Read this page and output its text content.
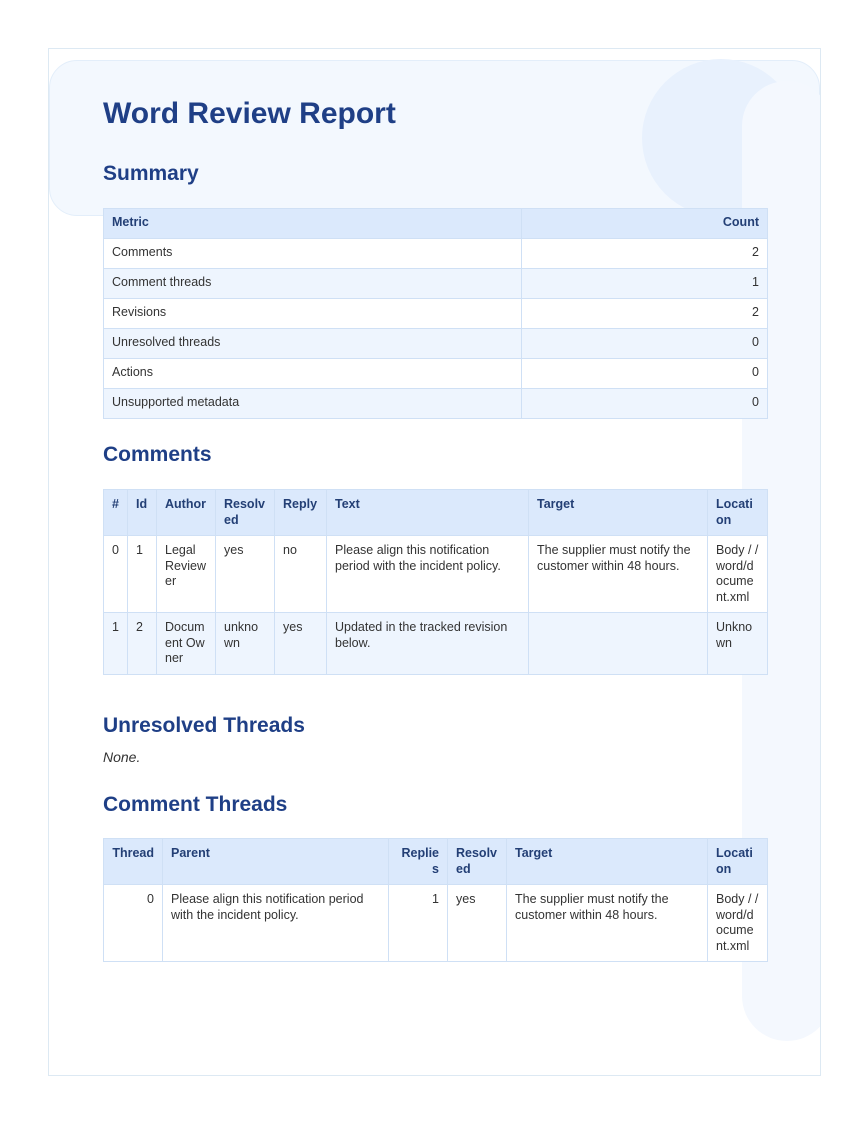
Word Review Report
Summary
Metric	Count
Comments	2
Comment threads	1
Revisions	2
Unresolved threads	0
Actions	0
Unsupported metadata	0
Comments
#	Id	Author	Resolved	Reply	Text	Target	Location
0	1	Legal Reviewer	yes	no	Please align this notification period with the incident policy.	The supplier must notify the customer within 48 hours.	Body / /word/document.xml
1	2	Document Owner	unknown	yes	Updated in the tracked revision below.		Unknown
Unresolved Threads

None.

Comment Threads
Thread	Parent	Replies	Resolved	Target	Location
0	Please align this notification period with the incident policy.	1	yes	The supplier must notify the customer within 48 hours.	Body / /word/document.xml
